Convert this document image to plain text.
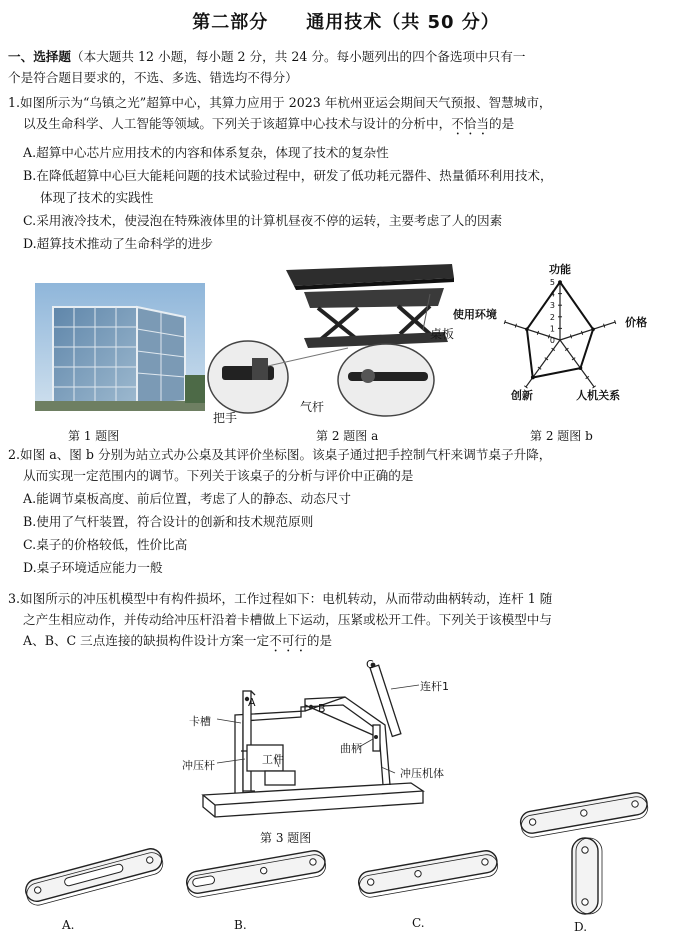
第二部分 通用技术（共 50 分）
一、选择题（本大题共 12 小题，每小题 2 分，共 24 分。每小题列出的四个备选项中只有一
个是符合题目要求的，不选、多选、错选均不得分）
1.如图所示为“乌镇之光”超算中心，其算力应用于 2023 年杭州亚运会期间天气预报、智慧城市，
以及生命科学、人工智能等领域。下列关于该超算中心技术与设计的分析中，不恰当的是
A.超算中心芯片应用技术的内容和体系复杂，体现了技术的复杂性
B.在降低超算中心巨大能耗问题的技术试验过程中，研发了低功耗元器件、热量循环利用技术，
体现了技术的实践性
C.采用液冷技术，使浸泡在特殊液体里的计算机昼夜不停的运转，主要考虑了人的因素
D.超算技术推动了生命科学的进步
第 1 题图
桌板
把手
气杆
第 2 题图 a
功能
价格
人机关系
创新
使用环境
0
1
2
3
4
5
第 2 题图 b
2.如图 a、图 b 分别为站立式办公桌及其评价坐标图。该桌子通过把手控制气杆来调节桌子升降，
从而实现一定范围内的调节。下列关于该桌子的分析与评价中正确的是
A.能调节桌板高度、前后位置，考虑了人的静态、动态尺寸
B.使用了气杆装置，符合设计的创新和技术规范原则
C.桌子的价格较低，性价比高
D.桌子环境适应能力一般
3.如图所示的冲压机模型中有构件损坏，工作过程如下：电机转动，从而带动曲柄转动，连杆 1 随
之产生相应动作，并传动给冲压杆沿着卡槽做上下运动，压紧或松开工件。下列关于该模型中与
A、B、C 三点连接的缺损构件设计方案一定不可行的是
A	B
C
卡槽
连杆1
曲柄
冲压杆	工件
冲压机体
第 3 题图
A.	B.	C.	D.
